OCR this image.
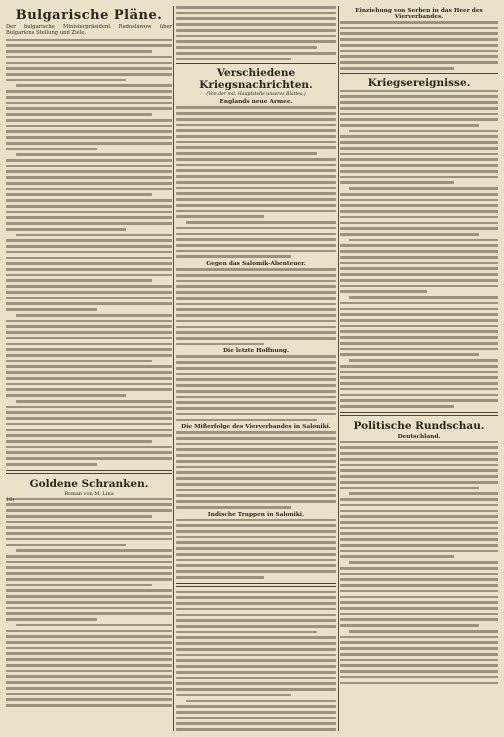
Bulgarische Pläne.
Der bulgarische Ministerpräsident Radoslawow über Bulgariens Stellung und Ziele.
Goldene Schranken.
Roman von M. Lina
Verschiedene Kriegsnachrichten.
(Von der mil. Hauptstelle unseres Blattes.)
Englands neue Armee.
Gegen das Salomik-Abenteuer.
Die letzte Hoffnung.
Die Mißerfolge des Vierverbandes in Saloniki.
Indische Truppen in Saloniki.
Einziehung von Serben in das Heer des Vierverbandes.
Kriegsereignisse.
Politische Rundschau.
Deutschland.
16)
